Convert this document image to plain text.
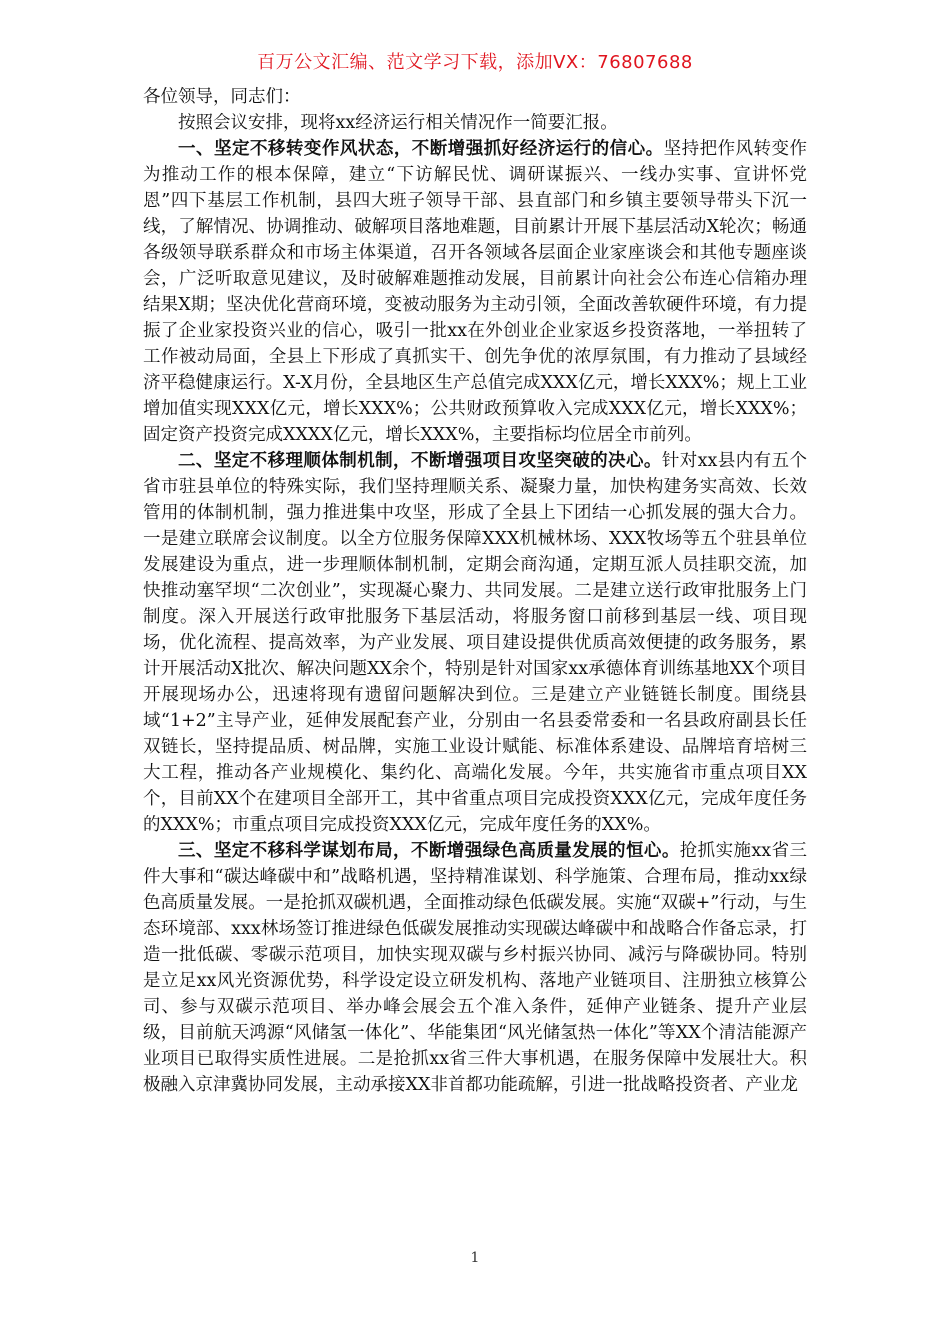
百万公文汇编、范文学习下载，添加VX：76807688

各位领导，同志们：

按照会议安排，现将xx经济运行相关情况作一简要汇报。

一、坚定不移转变作风状态，不断增强抓好经济运行的信心。坚持把作风转变作为推动工作的根本保障，建立“下访解民忧、调研谋振兴、一线办实事、宣讲怀党恩”四下基层工作机制，县四大班子领导干部、县直部门和乡镇主要领导带头下沉一线，了解情况、协调推动、破解项目落地难题，目前累计开展下基层活动X轮次；畅通各级领导联系群众和市场主体渠道，召开各领域各层面企业家座谈会和其他专题座谈会，广泛听取意见建议，及时破解难题推动发展，目前累计向社会公布连心信箱办理结果X期；坚决优化营商环境，变被动服务为主动引领，全面改善软硬件环境，有力提振了企业家投资兴业的信心，吸引一批xx在外创业企业家返乡投资落地，一举扭转了工作被动局面，全县上下形成了真抓实干、创先争优的浓厚氛围，有力推动了县域经济平稳健康运行。X-X月份，全县地区生产总值完成XXX亿元，增长XXX%；规上工业增加值实现XXX亿元，增长XXX%；公共财政预算收入完成XXX亿元，增长XXX%；固定资产投资完成XXXX亿元，增长XXX%，主要指标均位居全市前列。

二、坚定不移理顺体制机制，不断增强项目攻坚突破的决心。针对xx县内有五个省市驻县单位的特殊实际，我们坚持理顺关系、凝聚力量，加快构建务实高效、长效管用的体制机制，强力推进集中攻坚，形成了全县上下团结一心抓发展的强大合力。一是建立联席会议制度。以全方位服务保障XXX机械林场、XXX牧场等五个驻县单位发展建设为重点，进一步理顺体制机制，定期会商沟通，定期互派人员挂职交流，加快推动塞罕坝“二次创业”，实现凝心聚力、共同发展。二是建立送行政审批服务上门制度。深入开展送行政审批服务下基层活动，将服务窗口前移到基层一线、项目现场，优化流程、提高效率，为产业发展、项目建设提供优质高效便捷的政务服务，累计开展活动X批次、解决问题XX余个，特别是针对国家xx承德体育训练基地XX个项目开展现场办公，迅速将现有遗留问题解决到位。三是建立产业链链长制度。围绕县域“1+2”主导产业，延伸发展配套产业，分别由一名县委常委和一名县政府副县长任双链长，坚持提品质、树品牌，实施工业设计赋能、标准体系建设、品牌培育培树三大工程，推动各产业规模化、集约化、高端化发展。今年，共实施省市重点项目XX个，目前XX个在建项目全部开工，其中省重点项目完成投资XXX亿元，完成年度任务的XXX%；市重点项目完成投资XXX亿元，完成年度任务的XX%。

三、坚定不移科学谋划布局，不断增强绿色高质量发展的恒心。抢抓实施xx省三件大事和“碳达峰碳中和”战略机遇，坚持精准谋划、科学施策、合理布局，推动xx绿色高质量发展。一是抢抓双碳机遇，全面推动绿色低碳发展。实施“双碳+”行动，与生态环境部、xxx林场签订推进绿色低碳发展推动实现碳达峰碳中和战略合作备忘录，打造一批低碳、零碳示范项目，加快实现双碳与乡村振兴协同、减污与降碳协同。特别是立足xx风光资源优势，科学设定设立研发机构、落地产业链项目、注册独立核算公司、参与双碳示范项目、举办峰会展会五个准入条件，延伸产业链条、提升产业层级，目前航天鸿源“风储氢一体化”、华能集团“风光储氢热一体化”等XX个清洁能源产业项目已取得实质性进展。二是抢抓xx省三件大事机遇，在服务保障中发展壮大。积极融入京津冀协同发展，主动承接XX非首都功能疏解，引进一批战略投资者、产业龙

1
